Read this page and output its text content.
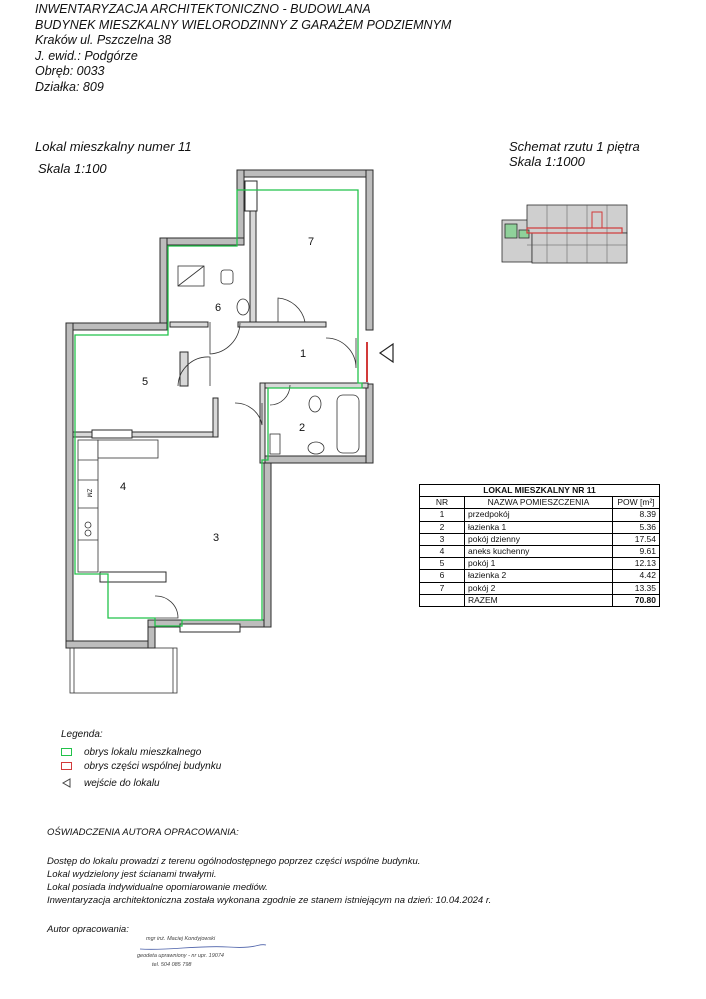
INWENTARYZACJA ARCHITEKTONICZNO - BUDOWLANA
BUDYNEK MIESZKALNY WIELORODZINNY Z GARAŻEM PODZIEMNYM
Kraków ul. Pszczelna 38
J. ewid.: Podgórze
Obręb: 0033
Działka: 809
Lokal mieszkalny numer 11
Skala 1:100
Schemat rzutu 1 piętra
Skala 1:1000
7
6
1
5
2
4
3
ZM	LOKAL MIESZKALNY NR 11		
NR	NAZWA POMIESZCZENIA	POW [m²]
1	przedpokój	8.39
2	łazienka 1	5.36
3	pokój dzienny	17.54
4	aneks kuchenny	9.61
5	pokój 1	12.13
6	łazienka 2	4.42
7	pokój 2	13.35
	RAZEM	70.80
Legenda:
obrys lokalu mieszkalnego
obrys części wspólnej budynku
wejście do lokalu
OŚWIADCZENIA AUTORA OPRACOWANIA:
Dostęp do lokalu prowadzi z terenu ogólnodostępnego poprzez części wspólne budynku.
Lokal wydzielony jest ścianami trwałymi.
Lokal posiada indywidualne opomiarowanie mediów.
Inwentaryzacja architektoniczna została wykonana zgodnie ze stanem istniejącym na dzień: 10.04.2024 r.
Autor opracowania:
mgr inż. Maciej Kondyjowski
geodeta uprawniony - nr upr. 19074
tel. 504 085 798
